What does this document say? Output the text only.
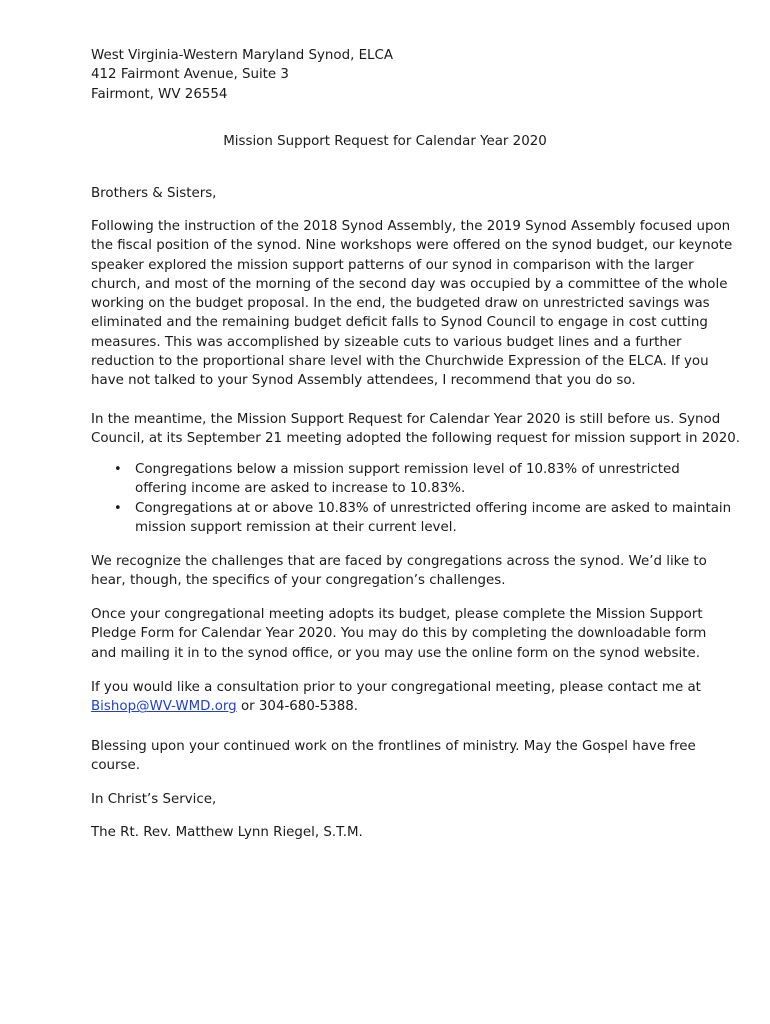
West Virginia-Western Maryland Synod, ELCA
412 Fairmont Avenue, Suite 3
Fairmont, WV 26554
Mission Support Request for Calendar Year 2020
Brothers & Sisters,
Following the instruction of the 2018 Synod Assembly, the 2019 Synod Assembly focused upon
the fiscal position of the synod. Nine workshops were offered on the synod budget, our keynote
speaker explored the mission support patterns of our synod in comparison with the larger
church, and most of the morning of the second day was occupied by a committee of the whole
working on the budget proposal. In the end, the budgeted draw on unrestricted savings was
eliminated and the remaining budget deficit falls to Synod Council to engage in cost cutting
measures. This was accomplished by sizeable cuts to various budget lines and a further
reduction to the proportional share level with the Churchwide Expression of the ELCA. If you
have not talked to your Synod Assembly attendees, I recommend that you do so.
In the meantime, the Mission Support Request for Calendar Year 2020 is still before us. Synod
Council, at its September 21 meeting adopted the following request for mission support in 2020.
• Congregations below a mission support remission level of 10.83% of unrestricted
offering income are asked to increase to 10.83%.
• Congregations at or above 10.83% of unrestricted offering income are asked to maintain
mission support remission at their current level.
We recognize the challenges that are faced by congregations across the synod. We’d like to
hear, though, the specifics of your congregation’s challenges.
Once your congregational meeting adopts its budget, please complete the Mission Support
Pledge Form for Calendar Year 2020. You may do this by completing the downloadable form
and mailing it in to the synod office, or you may use the online form on the synod website.
If you would like a consultation prior to your congregational meeting, please contact me at
Bishop@WV-WMD.org or 304-680-5388.
Blessing upon your continued work on the frontlines of ministry. May the Gospel have free
course.
In Christ’s Service,
The Rt. Rev. Matthew Lynn Riegel, S.T.M.
